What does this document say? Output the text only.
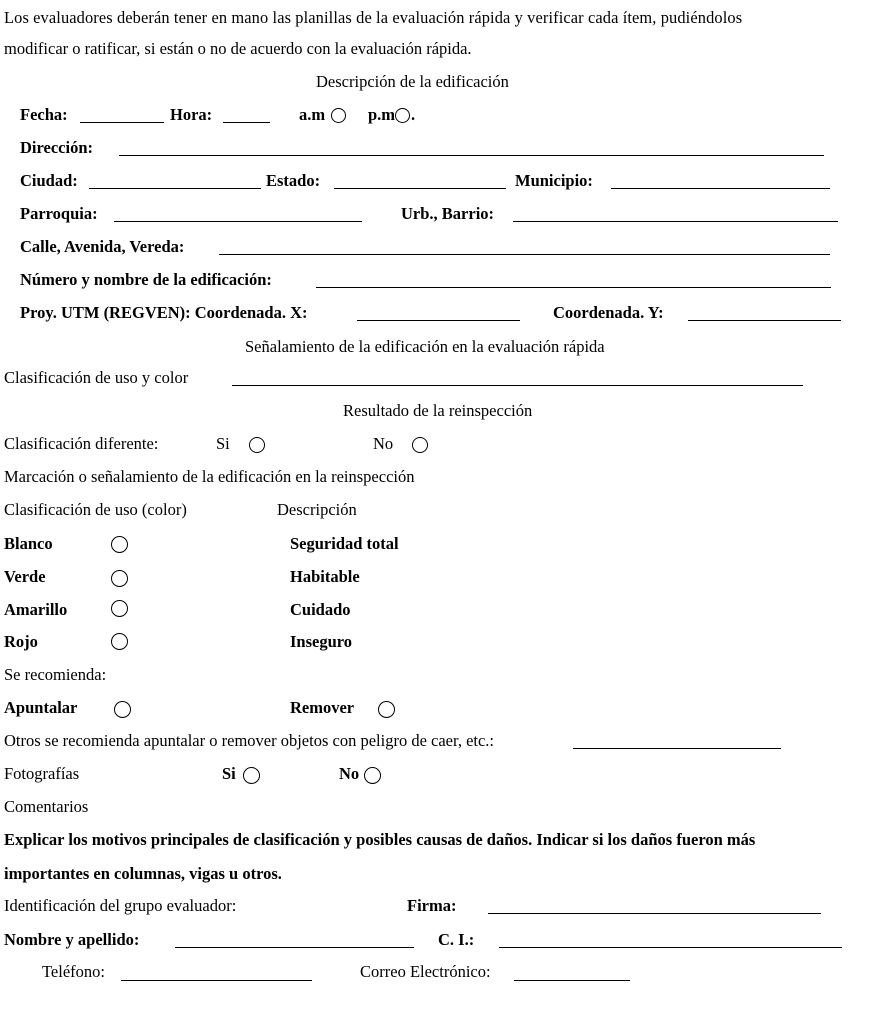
Los evaluadores deberán tener en mano las planillas de la evaluación rápida y verificar cada ítem, pudiéndolos
modificar o ratificar, si están o no de acuerdo con la evaluación rápida.
Descripción de la edificación
Fecha:	Hora:	a.m	p.m .
Dirección:
Ciudad:	Estado:	Municipio:
Parroquia:	Urb., Barrio:
Calle, Avenida, Vereda:
Número y nombre de la edificación:
Proy. UTM (REGVEN): Coordenada. X:	Coordenada. Y:
Señalamiento de la edificación en la evaluación rápida
Clasificación de uso y color
Resultado de la reinspección
Clasificación diferente:	Si	No
Marcación o señalamiento de la edificación en la reinspección
Clasificación de uso (color)	Descripción
Blanco	Seguridad total
Verde	Habitable
Amarillo	Cuidado
Rojo	Inseguro
Se recomienda:
Apuntalar	Remover
Otros se recomienda apuntalar o remover objetos con peligro de caer, etc.:
Fotografías	Si	No
Comentarios
Explicar los motivos principales de clasificación y posibles causas de daños. Indicar si los daños fueron más
importantes en columnas, vigas u otros.
Identificación del grupo evaluador:	Firma:
Nombre y apellido:	C. I.:
Teléfono:	Correo Electrónico:
